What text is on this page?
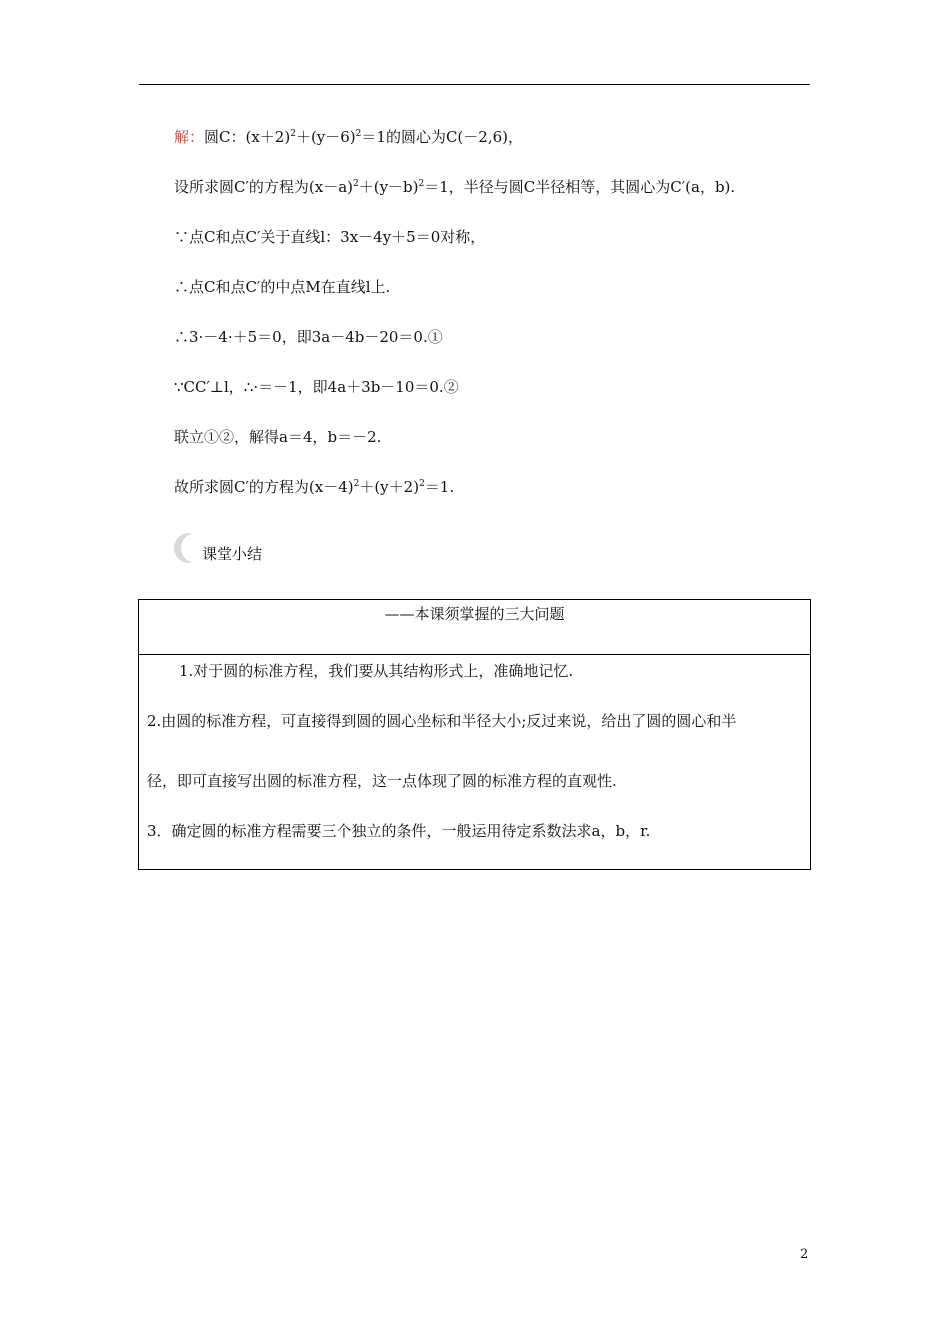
解：圆C：$(x+2)^2+(y-6)^2=1$的圆心为C(－2,6)，
设所求圆C′的方程为$(x-a)^2+(y-b)^2=1$，半径与圆C半径相等，其圆心为C′(a，b).
∵点C和点C′关于直线l：3x－4y＋5＝0对称，
∴点C和点C′的中点M在直线l上.
∴3·－4·＋5＝0，即3a－4b－20＝0.①
∵CC′⊥l，∴·＝－1，即4a＋3b－10＝0.②
联立①②，解得a＝4，b＝－2.
故所求圆C′的方程为$(x-4)^2+(y+2)^2=1$.
课堂小结
——本课须掌握的三大问题
1.对于圆的标准方程，我们要从其结构形式上，准确地记忆.
2.由圆的标准方程，可直接得到圆的圆心坐标和半径大小;反过来说，给出了圆的圆心和半
径，即可直接写出圆的标准方程，这一点体现了圆的标准方程的直观性.
3．确定圆的标准方程需要三个独立的条件，一般运用待定系数法求a，b，r.
2
